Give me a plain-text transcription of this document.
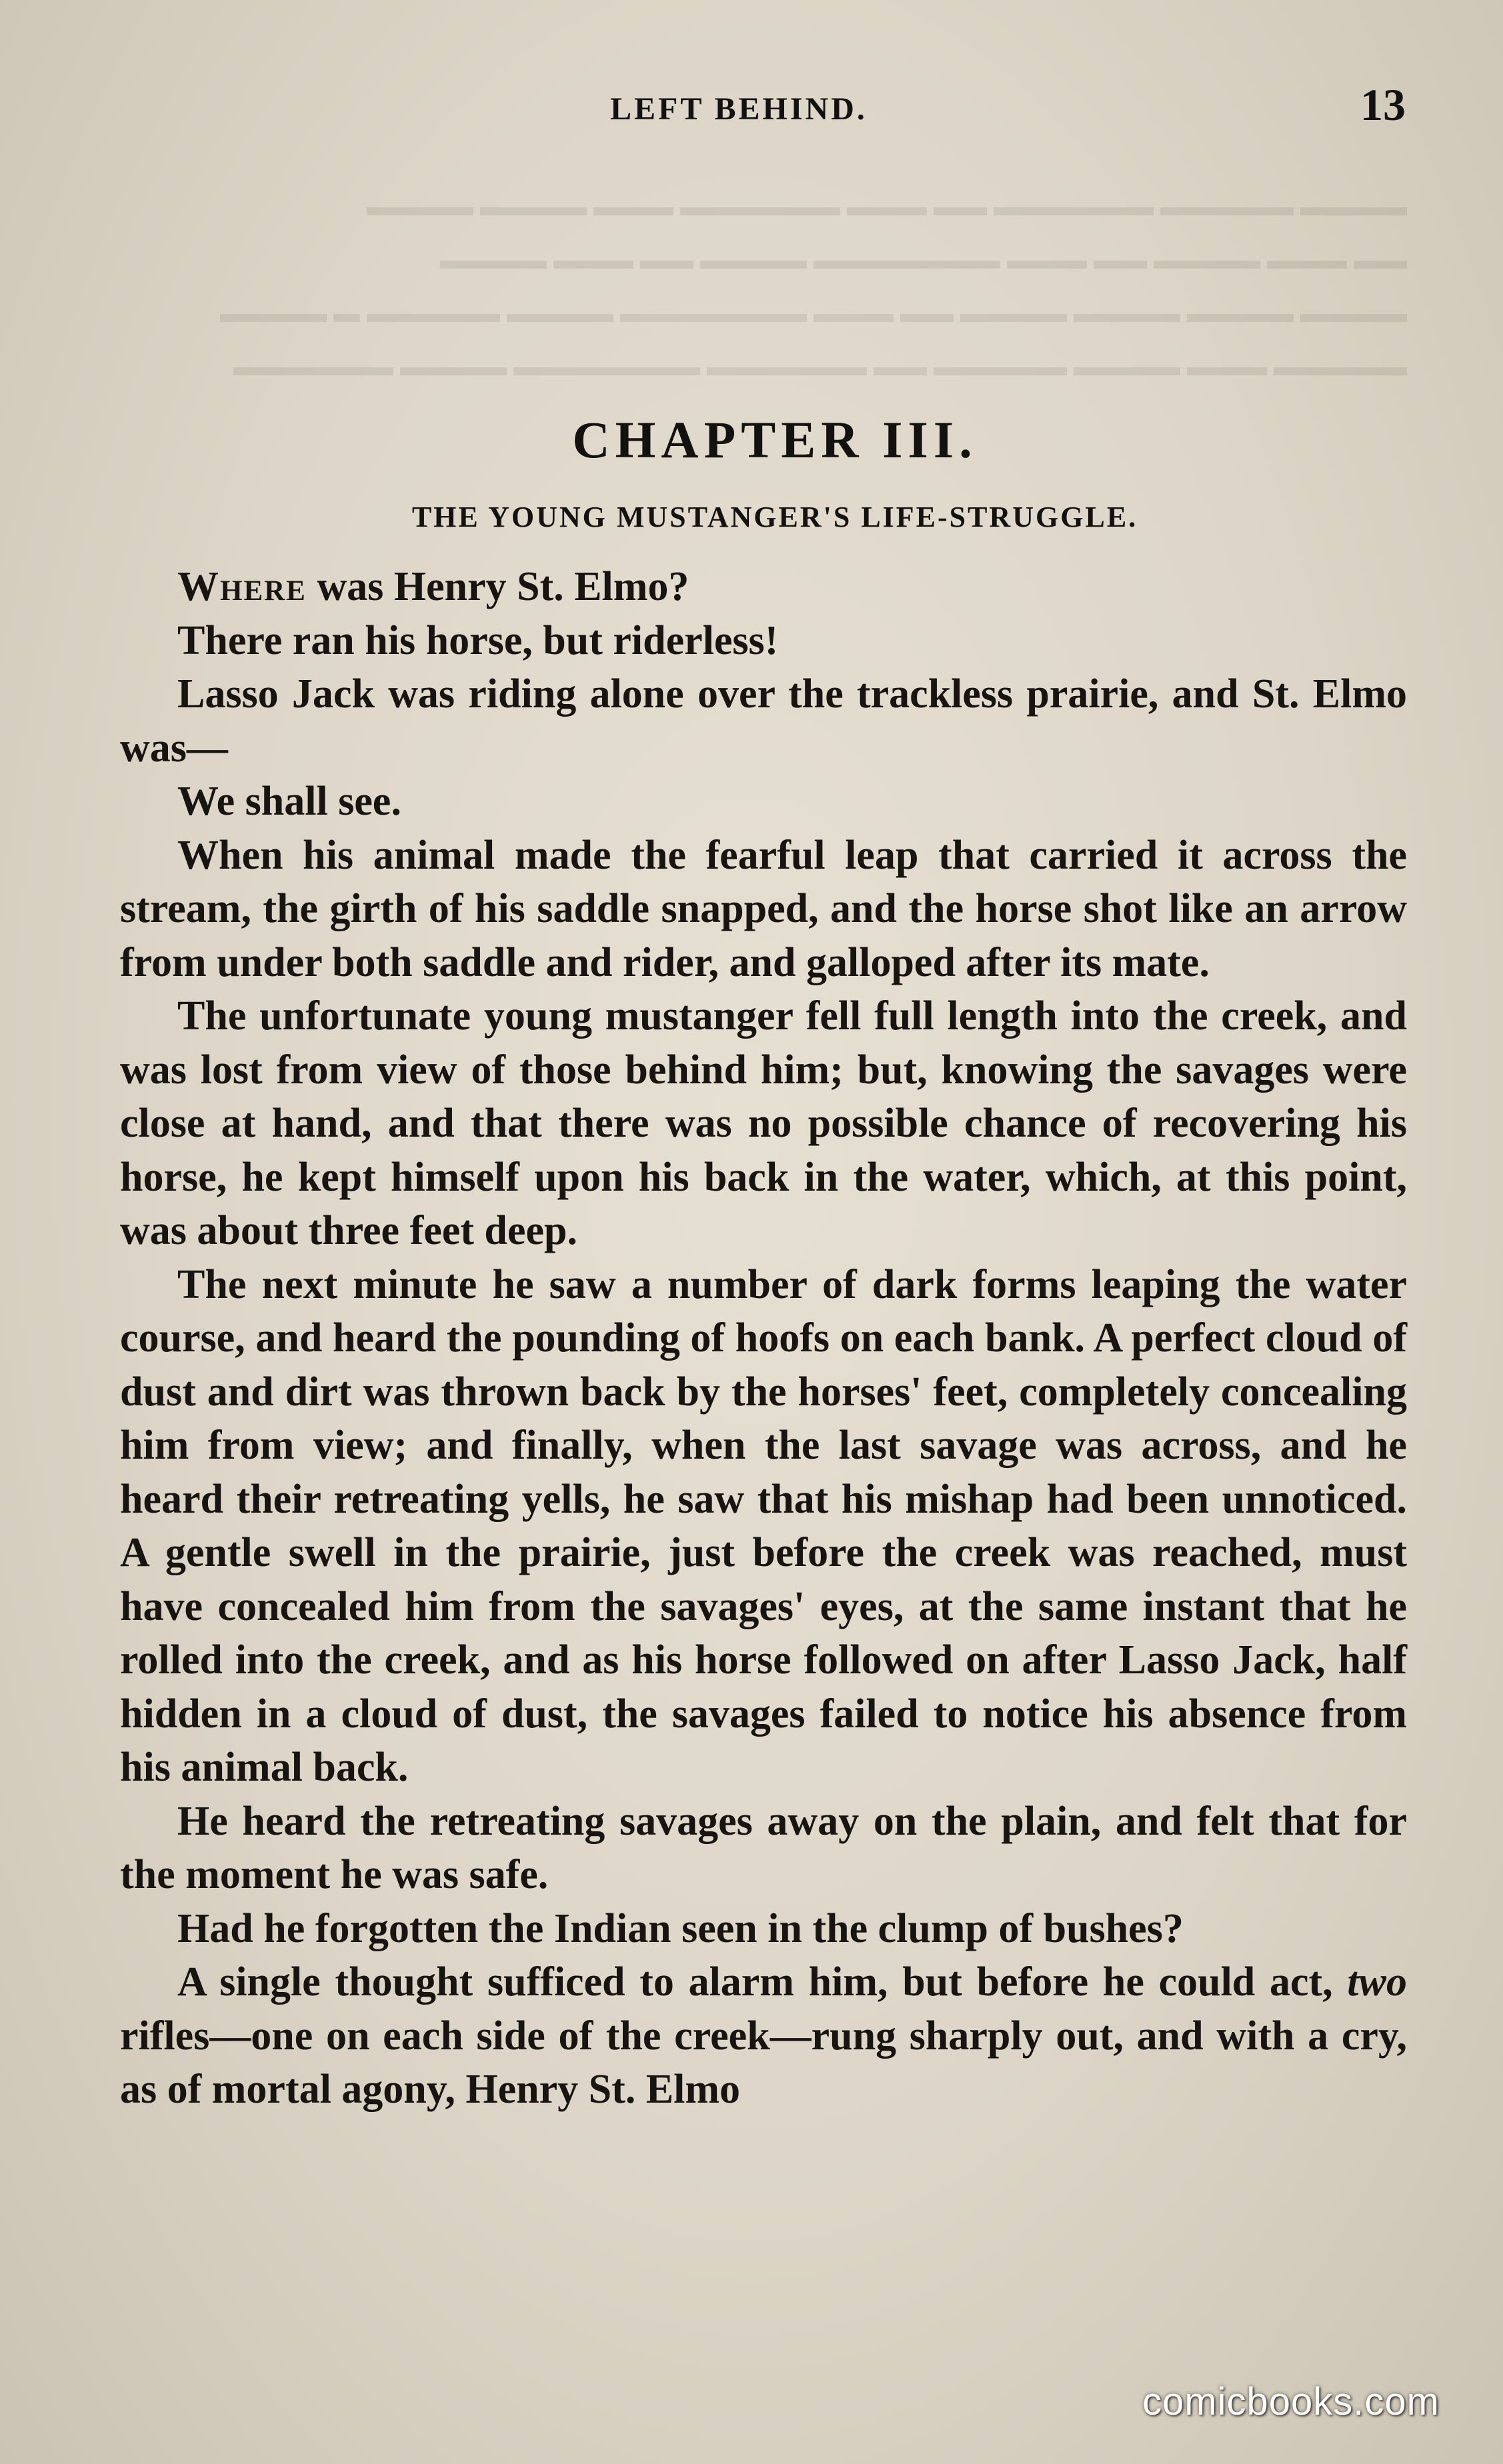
▬▬▬▬ ▬▬▬▬▬ ▬▬▬▬▬▬ ▬▬ ▬▬▬ ▬▬▬▬▬▬ ▬▬▬ ▬▬▬▬ ▬▬▬▬
▬▬ ▬▬▬ ▬▬▬▬ ▬▬ ▬▬▬ ▬▬▬▬▬▬▬ ▬▬▬▬ ▬▬ ▬▬▬ ▬▬▬▬
▬▬▬▬ ▬▬▬▬ ▬▬▬▬ ▬▬▬▬ ▬▬ ▬▬▬ ▬▬▬▬▬▬▬ ▬▬▬▬ ▬▬▬▬▬ ▬ ▬▬▬▬
▬▬▬▬▬ ▬▬▬ ▬▬▬▬ ▬▬▬▬▬ ▬▬ ▬▬▬▬▬▬ ▬▬▬▬▬▬▬ ▬▬▬▬ ▬▬▬▬▬▬
LEFT BEHIND.	13
CHAPTER III.
THE YOUNG MUSTANGER'S LIFE-STRUGGLE.

Where was Henry St. Elmo?

There ran his horse, but riderless!

Lasso Jack was riding alone over the trackless prairie, and St. Elmo was—

We shall see.

When his animal made the fearful leap that carried it across the stream, the girth of his saddle snapped, and the horse shot like an arrow from under both saddle and rider, and galloped after its mate.

The unfortunate young mustanger fell full length into the creek, and was lost from view of those behind him; but, knowing the savages were close at hand, and that there was no possible chance of recovering his horse, he kept himself upon his back in the water, which, at this point, was about three feet deep.

The next minute he saw a number of dark forms leaping the water course, and heard the pounding of hoofs on each bank. A perfect cloud of dust and dirt was thrown back by the horses' feet, completely concealing him from view; and finally, when the last savage was across, and he heard their retreating yells, he saw that his mishap had been unnoticed. A gentle swell in the prairie, just before the creek was reached, must have concealed him from the savages' eyes, at the same instant that he rolled into the creek, and as his horse followed on after Lasso Jack, half hidden in a cloud of dust, the savages failed to notice his absence from his animal back.

He heard the retreating savages away on the plain, and felt that for the moment he was safe.

Had he forgotten the Indian seen in the clump of bushes?

A single thought sufficed to alarm him, but before he could act, two rifles—one on each side of the creek—rung sharply out, and with a cry, as of mortal agony, Henry St. Elmo

comicbooks.com
